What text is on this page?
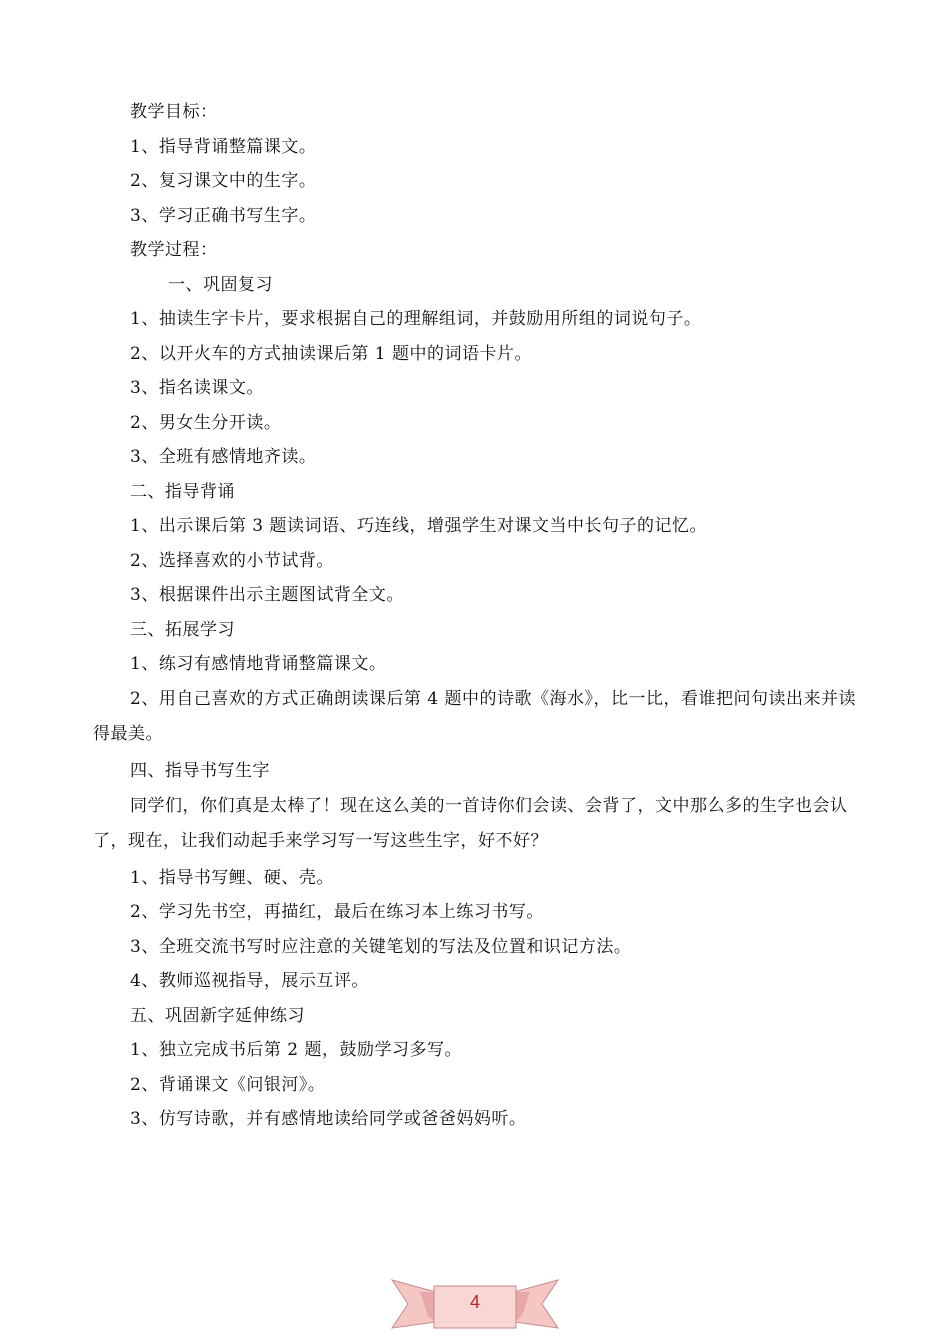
教学目标：
1、指导背诵整篇课文。
2、复习课文中的生字。
3、学习正确书写生字。
教学过程：
一、巩固复习
1、抽读生字卡片，要求根据自己的理解组词，并鼓励用所组的词说句子。
2、以开火车的方式抽读课后第 1 题中的词语卡片。
3、指名读课文。
2、男女生分开读。
3、全班有感情地齐读。
二、指导背诵
1、出示课后第 3 题读词语、巧连线，增强学生对课文当中长句子的记忆。
2、选择喜欢的小节试背。
3、根据课件出示主题图试背全文。
三、拓展学习
1、练习有感情地背诵整篇课文。
2、用自己喜欢的方式正确朗读课后第 4 题中的诗歌《海水》，比一比，看谁把问句读出来并读得最美。
四、指导书写生字
同学们，你们真是太棒了！现在这么美的一首诗你们会读、会背了，文中那么多的生字也会认了，现在，让我们动起手来学习写一写这些生字，好不好？
1、指导书写鲤、硬、壳。
2、学习先书空，再描红，最后在练习本上练习书写。
3、全班交流书写时应注意的关键笔划的写法及位置和识记方法。
4、教师巡视指导，展示互评。
五、巩固新字延伸练习
1、独立完成书后第 2 题，鼓励学习多写。
2、背诵课文《问银河》。
3、仿写诗歌，并有感情地读给同学或爸爸妈妈听。
4
